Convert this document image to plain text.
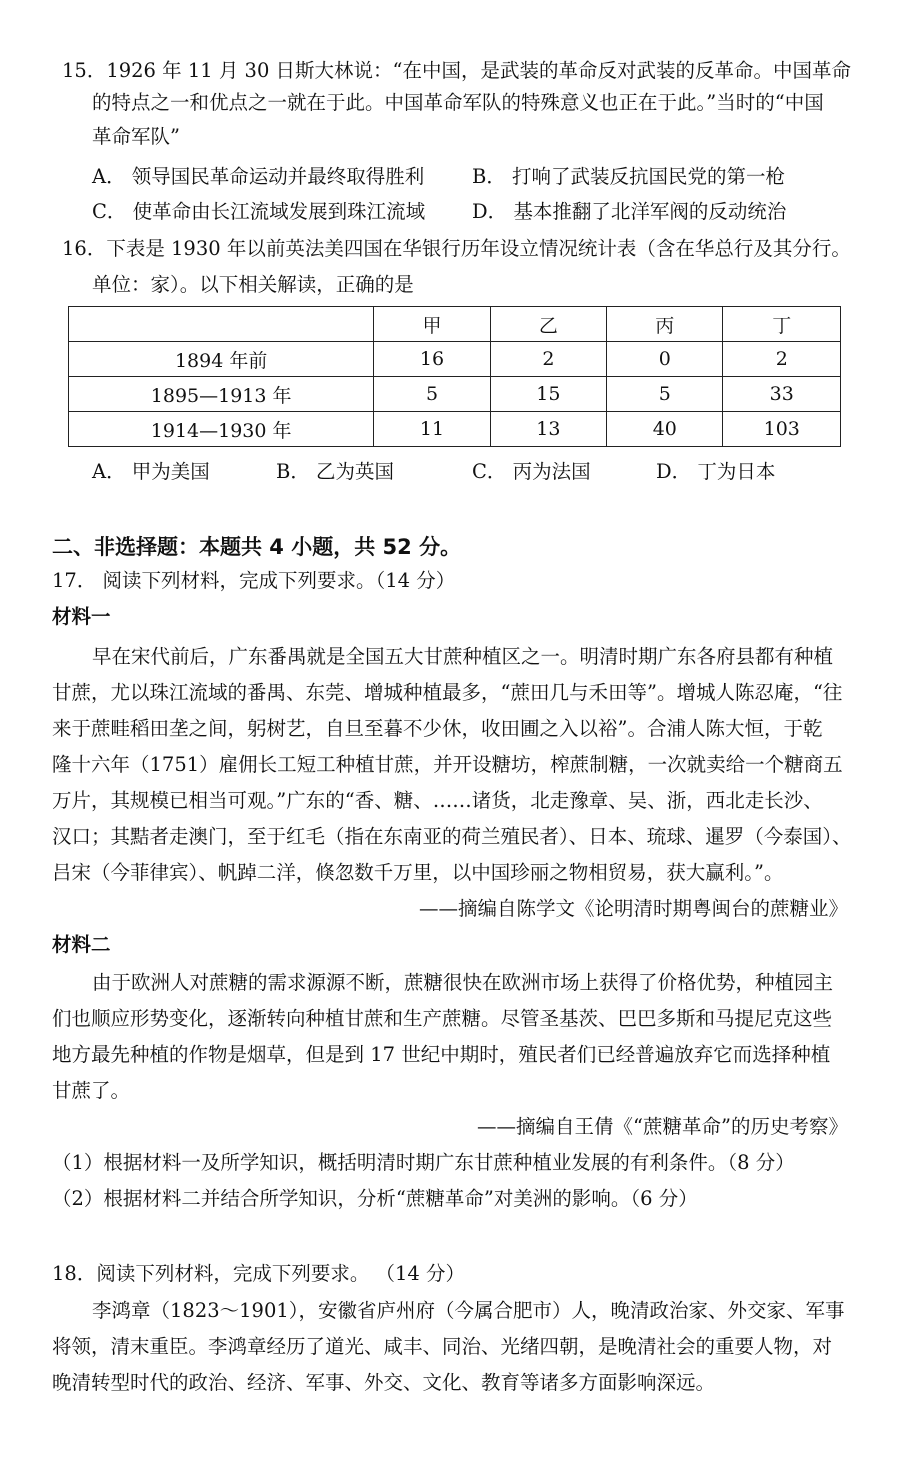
15．1926 年 11 月 30 日斯大林说：“在中国，是武装的革命反对武装的反革命。中国革命
的特点之一和优点之一就在于此。中国革命军队的特殊意义也正在于此。”当时的“中国
革命军队”
A． 领导国民革命运动并最终取得胜利 B． 打响了武装反抗国民党的第一枪
C． 使革命由长江流域发展到珠江流域 D． 基本推翻了北洋军阀的反动统治
16．下表是 1930 年以前英法美四国在华银行历年设立情况统计表（含在华总行及其分行。
单位：家）。以下相关解读，正确的是
	甲	乙	丙	丁
1894 年前	16	2	0	2
1895—1913 年	5	15	5	33
1914—1930 年	11	13	40	103
A． 甲为美国	B． 乙为英国	C． 丙为法国	D． 丁为日本
二、非选择题：本题共 4 小题，共 52 分。
17． 阅读下列材料，完成下列要求。（14 分）
材料一
早在宋代前后，广东番禺就是全国五大甘蔗种植区之一。明清时期广东各府县都有种植
甘蔗，尤以珠江流域的番禺、东莞、增城种植最多，“蔗田几与禾田等”。增城人陈忍庵，“往
来于蔗畦稻田垄之间，躬树艺，自旦至暮不少休，收田圃之入以裕”。合浦人陈大恒，于乾
隆十六年（1751）雇佣长工短工种植甘蔗，并开设糖坊，榨蔗制糖，一次就卖给一个糖商五
万片，其规模已相当可观。”广东的“香、糖、……诸货，北走豫章、吴、浙，西北走长沙、
汉口；其黠者走澳门，至于红毛（指在东南亚的荷兰殖民者）、日本、琉球、暹罗（今泰国）、
吕宋（今菲律宾）、帆踔二洋，倏忽数千万里，以中国珍丽之物相贸易，获大赢利。”。
——摘编自陈学文《论明清时期粤闽台的蔗糖业》
材料二
由于欧洲人对蔗糖的需求源源不断，蔗糖很快在欧洲市场上获得了价格优势，种植园主
们也顺应形势变化，逐渐转向种植甘蔗和生产蔗糖。尽管圣基茨、巴巴多斯和马提尼克这些
地方最先种植的作物是烟草，但是到 17 世纪中期时，殖民者们已经普遍放弃它而选择种植
甘蔗了。
——摘编自王倩《“蔗糖革命”的历史考察》
（1）根据材料一及所学知识，概括明清时期广东甘蔗种植业发展的有利条件。（8 分）
（2）根据材料二并结合所学知识，分析“蔗糖革命”对美洲的影响。（6 分）
18．阅读下列材料，完成下列要求。 （14 分）
李鸿章（1823～1901），安徽省庐州府（今属合肥市）人，晚清政治家、外交家、军事
将领，清末重臣。李鸿章经历了道光、咸丰、同治、光绪四朝，是晚清社会的重要人物，对
晚清转型时代的政治、经济、军事、外交、文化、教育等诸多方面影响深远。
